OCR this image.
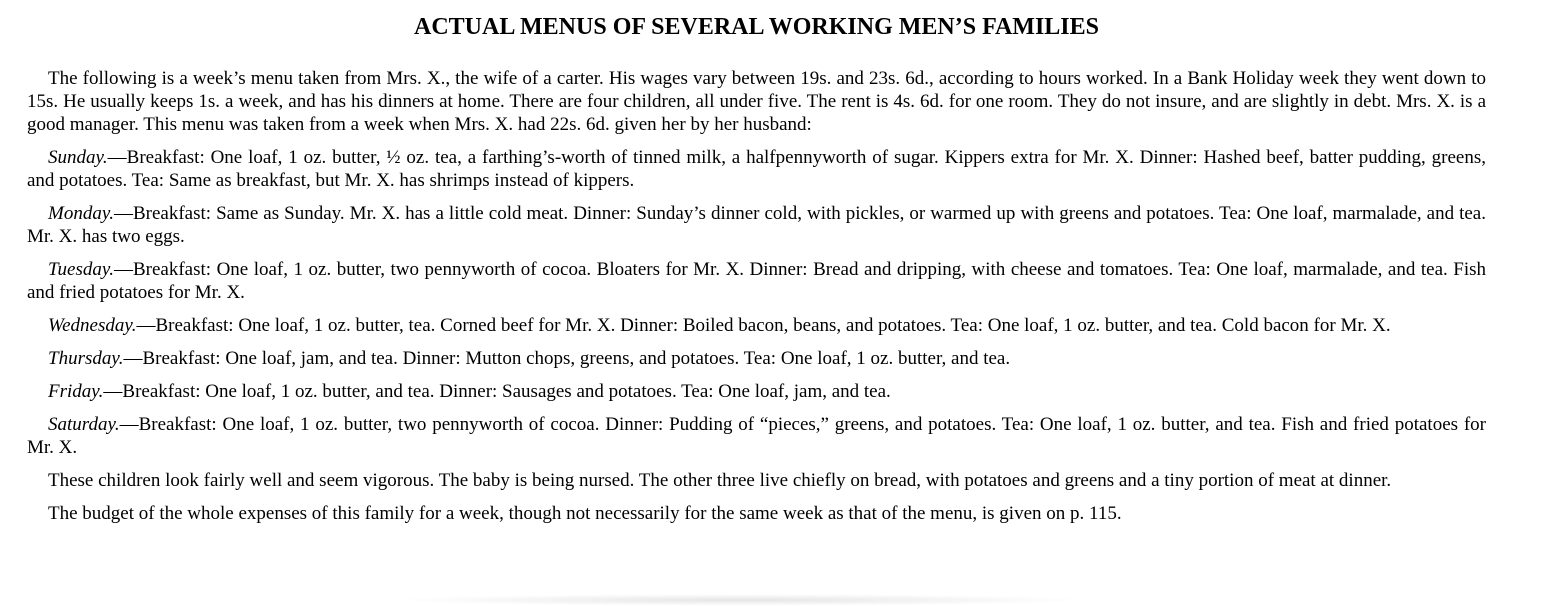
ACTUAL MENUS OF SEVERAL WORKING MEN’S FAMILIES

The following is a week’s menu taken from Mrs. X., the wife of a carter. His wages vary between 19s. and 23s. 6d., according to hours worked. In a Bank Holiday week they went down to 15s. He usually keeps 1s. a week, and has his dinners at home. There are four children, all under five. The rent is 4s. 6d. for one room. They do not insure, and are slightly in debt. Mrs. X. is a good manager. This menu was taken from a week when Mrs. X. had 22s. 6d. given her by her husband:

Sunday.—Breakfast: One loaf, 1 oz. butter, ½ oz. tea, a farthing’s-worth of tinned milk, a halfpennyworth of sugar. Kippers extra for Mr. X. Dinner: Hashed beef, batter pudding, greens, and potatoes. Tea: Same as breakfast, but Mr. X. has shrimps instead of kippers.

Monday.—Breakfast: Same as Sunday. Mr. X. has a little cold meat. Dinner: Sunday’s dinner cold, with pickles, or warmed up with greens and potatoes. Tea: One loaf, marmalade, and tea. Mr. X. has two eggs.

Tuesday.—Breakfast: One loaf, 1 oz. butter, two pennyworth of cocoa. Bloaters for Mr. X. Dinner: Bread and dripping, with cheese and tomatoes. Tea: One loaf, marmalade, and tea. Fish and fried potatoes for Mr. X.

Wednesday.—Breakfast: One loaf, 1 oz. butter, tea. Corned beef for Mr. X. Dinner: Boiled bacon, beans, and potatoes. Tea: One loaf, 1 oz. butter, and tea. Cold bacon for Mr. X.

Thursday.—Breakfast: One loaf, jam, and tea. Dinner: Mutton chops, greens, and potatoes. Tea: One loaf, 1 oz. butter, and tea.

Friday.—Breakfast: One loaf, 1 oz. butter, and tea. Dinner: Sausages and potatoes. Tea: One loaf, jam, and tea.

Saturday.—Breakfast: One loaf, 1 oz. butter, two pennyworth of cocoa. Dinner: Pudding of “pieces,” greens, and potatoes. Tea: One loaf, 1 oz. butter, and tea. Fish and fried potatoes for Mr. X.

These children look fairly well and seem vigorous. The baby is being nursed. The other three live chiefly on bread, with potatoes and greens and a tiny portion of meat at dinner.

The budget of the whole expenses of this family for a week, though not necessarily for the same week as that of the menu, is given on p. 115.
